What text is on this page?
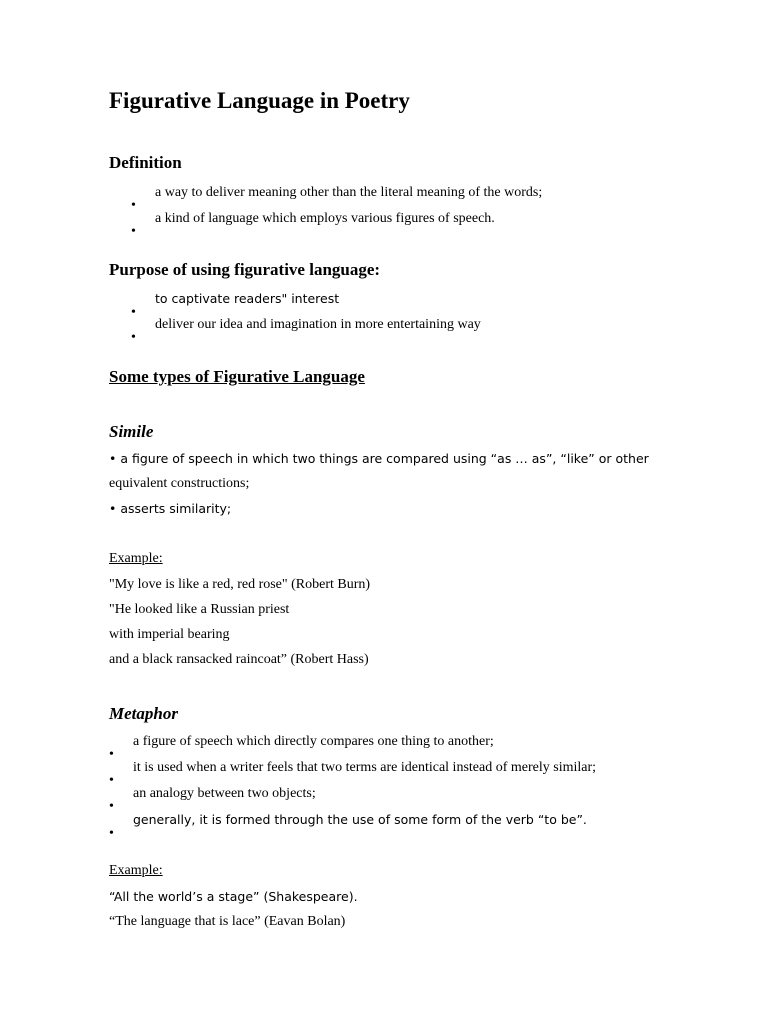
Figurative Language in Poetry
Definition
•
a way to deliver meaning other than the literal meaning of the words;
•
a kind of language which employs various figures of speech.
Purpose of using figurative language:
•
to captivate readers" interest
•
deliver our idea and imagination in more entertaining way
Some types of Figurative Language
Simile
• a figure of speech in which two things are compared using “as … as”, “like” or other
equivalent constructions;
• asserts similarity;
Example:
"My love is like a red, red rose" (Robert Burn)
"He looked like a Russian priest
with imperial bearing
and a black ransacked raincoat” (Robert Hass)
Metaphor
•
a figure of speech which directly compares one thing to another;
•
it is used when a writer feels that two terms are identical instead of merely similar;
•
an analogy between two objects;
•
generally, it is formed through the use of some form of the verb “to be”.
Example:
“All the world’s a stage” (Shakespeare).
“The language that is lace” (Eavan Bolan)
